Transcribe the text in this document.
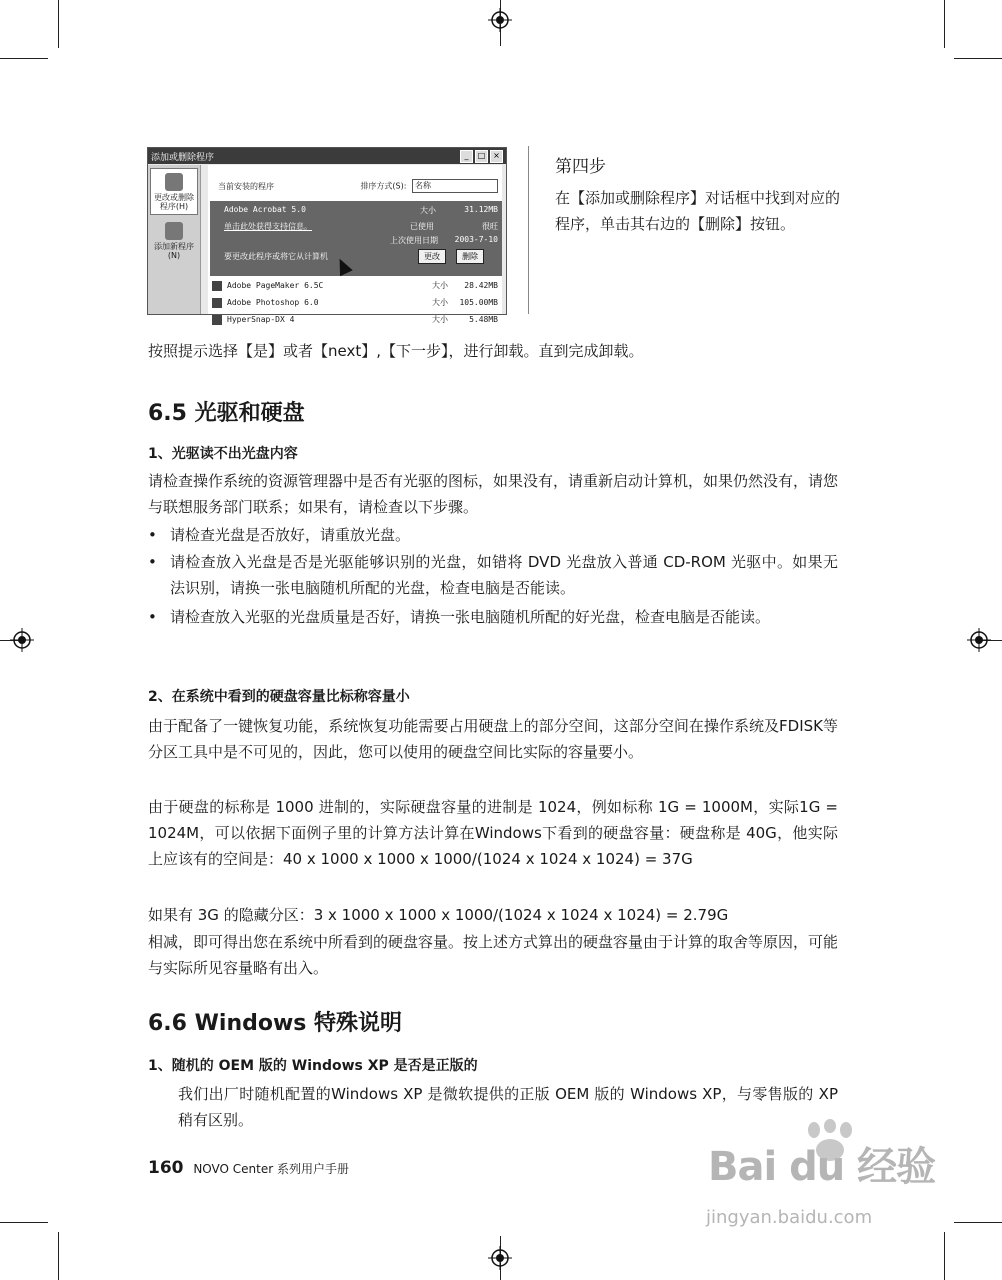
添加或删除程序	_	□ ×
更改或删除程序(H)
添加新程序(N)
当前安装的程序	排序方式(S): 名称
Adobe Acrobat 5.0
单击此处获得支持信息。
大小	31.12MB
已使用	很旺
上次使用日期 2003-7-10
要更改此程序或将它从计算机	更改	删除
Adobe PageMaker 6.5C	大小 28.42MB
Adobe Photoshop 6.0	大小 105.00MB
HyperSnap-DX 4	大小	5.48MB
第四步
在【添加或删除程序】对话框中找到对应的程序，单击其右边的【删除】按钮。
按照提示选择【是】或者【next】,【下一步】，进行卸载。直到完成卸载。
6.5 光驱和硬盘
1、光驱读不出光盘内容
请检查操作系统的资源管理器中是否有光驱的图标，如果没有，请重新启动计算机，如果仍然没有，请您与联想服务部门联系；如果有，请检查以下步骤。
• 请检查光盘是否放好，请重放光盘。
• 请检查放入光盘是否是光驱能够识别的光盘，如错将 DVD 光盘放入普通 CD-ROM 光驱中。如果无法识别，请换一张电脑随机所配的光盘，检查电脑是否能读。
• 请检查放入光驱的光盘质量是否好，请换一张电脑随机所配的好光盘，检查电脑是否能读。
2、在系统中看到的硬盘容量比标称容量小
由于配备了一键恢复功能，系统恢复功能需要占用硬盘上的部分空间，这部分空间在操作系统及FDISK等分区工具中是不可见的，因此，您可以使用的硬盘空间比实际的容量要小。
由于硬盘的标称是 1000 进制的，实际硬盘容量的进制是 1024，例如标称 1G = 1000M，实际1G = 1024M，可以依据下面例子里的计算方法计算在Windows下看到的硬盘容量：硬盘称是 40G，他实际上应该有的空间是：40 x 1000 x 1000 x 1000/(1024 x 1024 x 1024) = 37G
如果有 3G 的隐藏分区：3 x 1000 x 1000 x 1000/(1024 x 1024 x 1024) = 2.79G
相减，即可得出您在系统中所看到的硬盘容量。按上述方式算出的硬盘容量由于计算的取舍等原因，可能与实际所见容量略有出入。
6.6 Windows 特殊说明
1、随机的 OEM 版的 Windows XP 是否是正版的
我们出厂时随机配置的Windows XP 是微软提供的正版 OEM 版的 Windows XP，与零售版的 XP 稍有区别。
160 NOVO Center 系列用户手册	Bai du 经验
jingyan.baidu.com
